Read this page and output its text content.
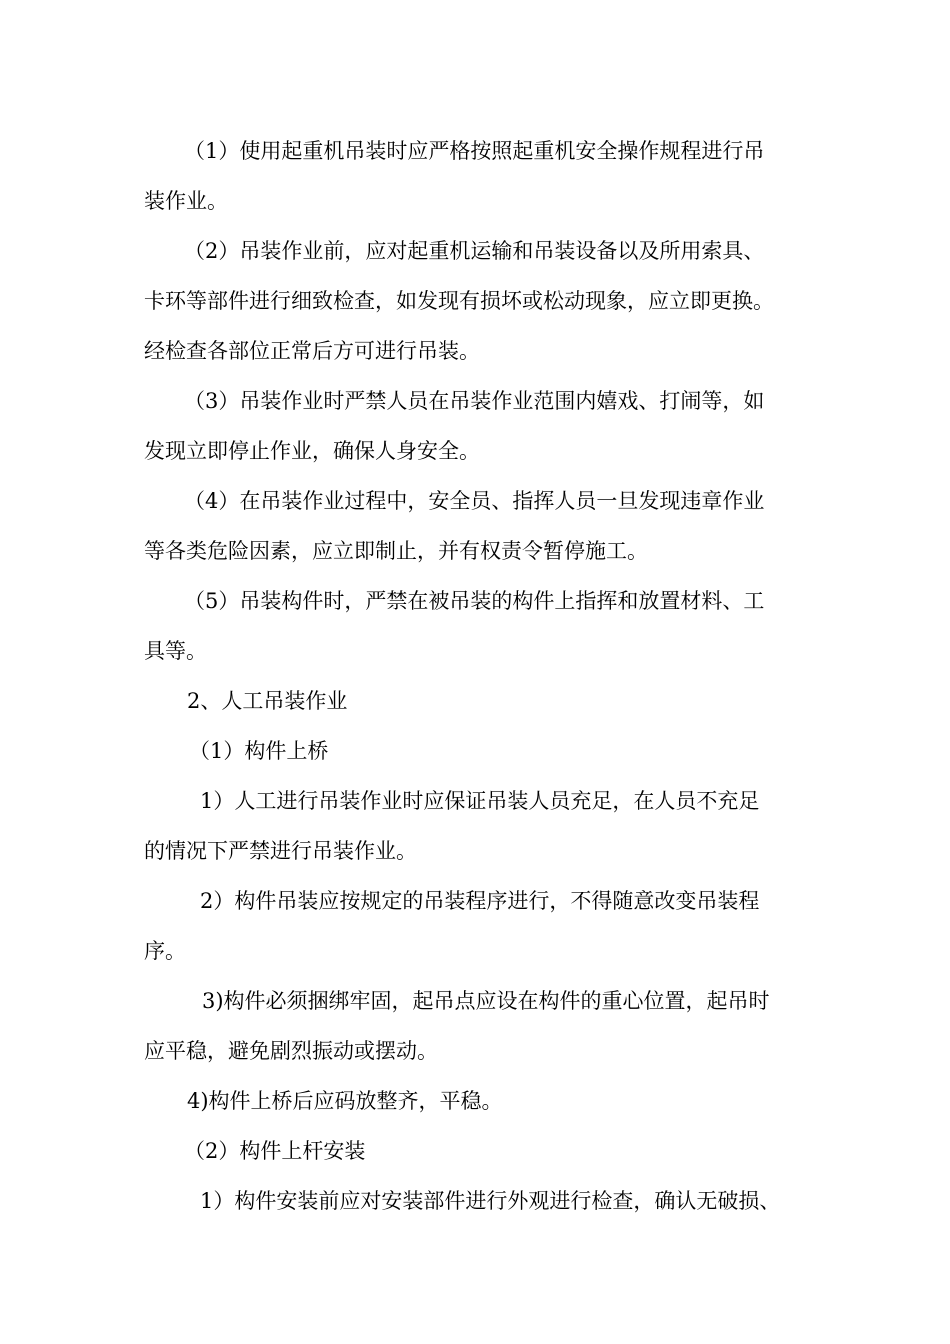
（1）使用起重机吊装时应严格按照起重机安全操作规程进行吊
装作业。
（2）吊装作业前，应对起重机运输和吊装设备以及所用索具、
卡环等部件进行细致检查，如发现有损坏或松动现象，应立即更换。
经检查各部位正常后方可进行吊装。
（3）吊装作业时严禁人员在吊装作业范围内嬉戏、打闹等，如
发现立即停止作业，确保人身安全。
（4）在吊装作业过程中，安全员、指挥人员一旦发现违章作业
等各类危险因素，应立即制止，并有权责令暂停施工。
（5）吊装构件时，严禁在被吊装的构件上指挥和放置材料、工
具等。
2、人工吊装作业
（1）构件上桥
1）人工进行吊装作业时应保证吊装人员充足，在人员不充足
的情况下严禁进行吊装作业。
2）构件吊装应按规定的吊装程序进行，不得随意改变吊装程
序。
3)构件必须捆绑牢固，起吊点应设在构件的重心位置，起吊时
应平稳，避免剧烈振动或摆动。
4)构件上桥后应码放整齐，平稳。
（2）构件上杆安装
1）构件安装前应对安装部件进行外观进行检查，确认无破损、
